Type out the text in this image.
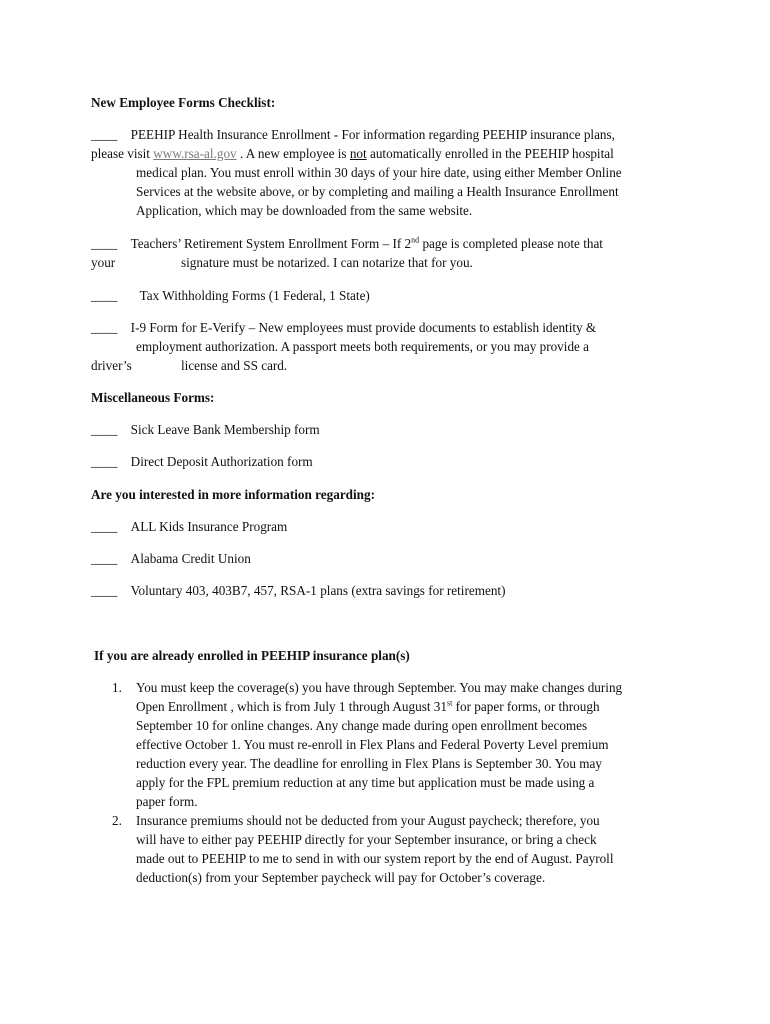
New Employee Forms Checklist:
____ PEEHIP Health Insurance Enrollment - For information regarding PEEHIP insurance plans,
please visit www.rsa-al.gov . A new employee is not automatically enrolled in the PEEHIP hospital
medical plan. You must enroll within 30 days of your hire date, using either Member Online
Services at the website above, or by completing and mailing a Health Insurance Enrollment
Application, which may be downloaded from the same website.
____ Teachers’ Retirement System Enrollment Form – If 2nd page is completed please note that
your	signature must be notarized. I can notarize that for you.
____ Tax Withholding Forms (1 Federal, 1 State)
____ I-9 Form for E-Verify – New employees must provide documents to establish identity &
employment authorization. A passport meets both requirements, or you may provide a
driver’s	license and SS card.
Miscellaneous Forms:
____ Sick Leave Bank Membership form
____ Direct Deposit Authorization form
Are you interested in more information regarding:
____ ALL Kids Insurance Program
____ Alabama Credit Union
____ Voluntary 403, 403B7, 457, RSA-1 plans (extra savings for retirement)
If you are already enrolled in PEEHIP insurance plan(s)
1. You must keep the coverage(s) you have through September. You may make changes during
Open Enrollment , which is from July 1 through August 31st for paper forms, or through
September 10 for online changes. Any change made during open enrollment becomes
effective October 1. You must re-enroll in Flex Plans and Federal Poverty Level premium
reduction every year. The deadline for enrolling in Flex Plans is September 30. You may
apply for the FPL premium reduction at any time but application must be made using a
paper form.
2. Insurance premiums should not be deducted from your August paycheck; therefore, you
will have to either pay PEEHIP directly for your September insurance, or bring a check
made out to PEEHIP to me to send in with our system report by the end of August. Payroll
deduction(s) from your September paycheck will pay for October’s coverage.
